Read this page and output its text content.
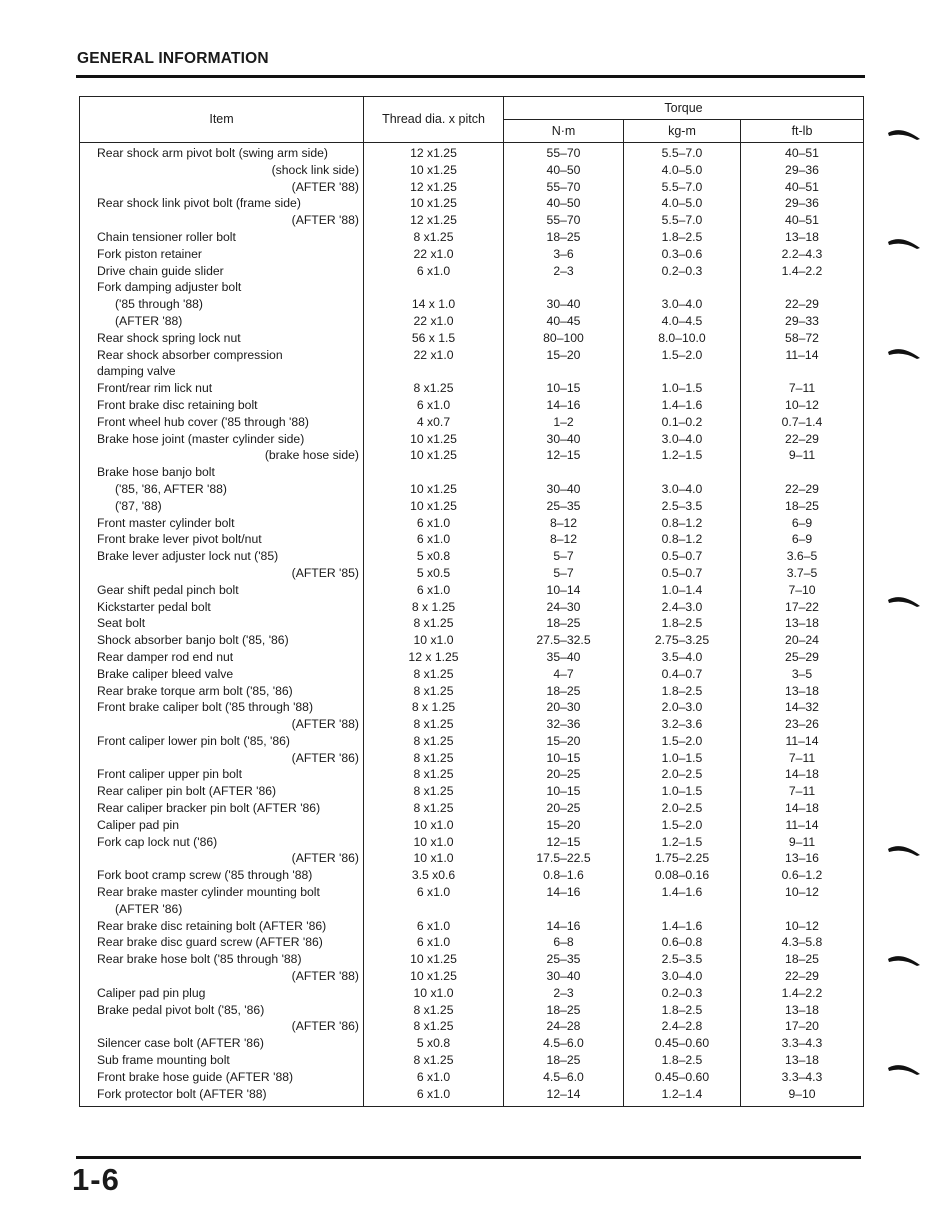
GENERAL INFORMATION
Item	Thread dia. x pitch	Torque		
		N·m	kg-m	ft-lb
Rear shock arm pivot bolt (swing arm side)	12 x1.25	55–70	5.5–7.0	40–51
(shock link side)	10 x1.25	40–50	4.0–5.0	29–36
(AFTER '88)	12 x1.25	55–70	5.5–7.0	40–51
Rear shock link pivot bolt (frame side)	10 x1.25	40–50	4.0–5.0	29–36
(AFTER '88)	12 x1.25	55–70	5.5–7.0	40–51
Chain tensioner roller bolt	8 x1.25	18–25	1.8–2.5	13–18
Fork piston retainer	22 x1.0	3–6	0.3–0.6	2.2–4.3
Drive chain guide slider	6 x1.0	2–3	0.2–0.3	1.4–2.2
Fork damping adjuster bolt				
('85 through '88)	14 x 1.0	30–40	3.0–4.0	22–29
(AFTER '88)	22 x1.0	40–45	4.0–4.5	29–33
Rear shock spring lock nut	56 x 1.5	80–100	8.0–10.0	58–72
Rear shock absorber compression	22 x1.0	15–20	1.5–2.0	11–14
damping valve				
Front/rear rim lick nut	8 x1.25	10–15	1.0–1.5	7–11
Front brake disc retaining bolt	6 x1.0	14–16	1.4–1.6	10–12
Front wheel hub cover ('85 through '88)	4 x0.7	1–2	0.1–0.2	0.7–1.4
Brake hose joint (master cylinder side)	10 x1.25	30–40	3.0–4.0	22–29
(brake hose side)	10 x1.25	12–15	1.2–1.5	9–11
Brake hose banjo bolt				
('85, '86, AFTER '88)	10 x1.25	30–40	3.0–4.0	22–29
('87, '88)	10 x1.25	25–35	2.5–3.5	18–25
Front master cylinder bolt	6 x1.0	8–12	0.8–1.2	6–9
Front brake lever pivot bolt/nut	6 x1.0	8–12	0.8–1.2	6–9
Brake lever adjuster lock nut ('85)	5 x0.8	5–7	0.5–0.7	3.6–5
(AFTER '85)	5 x0.5	5–7	0.5–0.7	3.7–5
Gear shift pedal pinch bolt	6 x1.0	10–14	1.0–1.4	7–10
Kickstarter pedal bolt	8 x 1.25	24–30	2.4–3.0	17–22
Seat bolt	8 x1.25	18–25	1.8–2.5	13–18
Shock absorber banjo bolt ('85, '86)	10 x1.0	27.5–32.5	2.75–3.25	20–24
Rear damper rod end nut	12 x 1.25	35–40	3.5–4.0	25–29
Brake caliper bleed valve	8 x1.25	4–7	0.4–0.7	3–5
Rear brake torque arm bolt ('85, '86)	8 x1.25	18–25	1.8–2.5	13–18
Front brake caliper bolt ('85 through '88)	8 x 1.25	20–30	2.0–3.0	14–32
(AFTER '88)	8 x1.25	32–36	3.2–3.6	23–26
Front caliper lower pin bolt ('85, '86)	8 x1.25	15–20	1.5–2.0	11–14
(AFTER '86)	8 x1.25	10–15	1.0–1.5	7–11
Front caliper upper pin bolt	8 x1.25	20–25	2.0–2.5	14–18
Rear caliper pin bolt (AFTER '86)	8 x1.25	10–15	1.0–1.5	7–11
Rear caliper bracker pin bolt (AFTER '86)	8 x1.25	20–25	2.0–2.5	14–18
Caliper pad pin	10 x1.0	15–20	1.5–2.0	11–14
Fork cap lock nut ('86)	10 x1.0	12–15	1.2–1.5	9–11
(AFTER '86)	10 x1.0	17.5–22.5	1.75–2.25	13–16
Fork boot cramp screw ('85 through '88)	3.5 x0.6	0.8–1.6	0.08–0.16	0.6–1.2
Rear brake master cylinder mounting bolt	6 x1.0	14–16	1.4–1.6	10–12
(AFTER '86)				
Rear brake disc retaining bolt (AFTER '86)	6 x1.0	14–16	1.4–1.6	10–12
Rear brake disc guard screw (AFTER '86)	6 x1.0	6–8	0.6–0.8	4.3–5.8
Rear brake hose bolt ('85 through '88)	10 x1.25	25–35	2.5–3.5	18–25
(AFTER '88)	10 x1.25	30–40	3.0–4.0	22–29
Caliper pad pin plug	10 x1.0	2–3	0.2–0.3	1.4–2.2
Brake pedal pivot bolt ('85, '86)	8 x1.25	18–25	1.8–2.5	13–18
(AFTER '86)	8 x1.25	24–28	2.4–2.8	17–20
Silencer case bolt (AFTER '86)	5 x0.8	4.5–6.0	0.45–0.60	3.3–4.3
Sub frame mounting bolt	8 x1.25	18–25	1.8–2.5	13–18
Front brake hose guide (AFTER '88)	6 x1.0	4.5–6.0	0.45–0.60	3.3–4.3
Fork protector bolt (AFTER '88)	6 x1.0	12–14	1.2–1.4	9–10
1-6
